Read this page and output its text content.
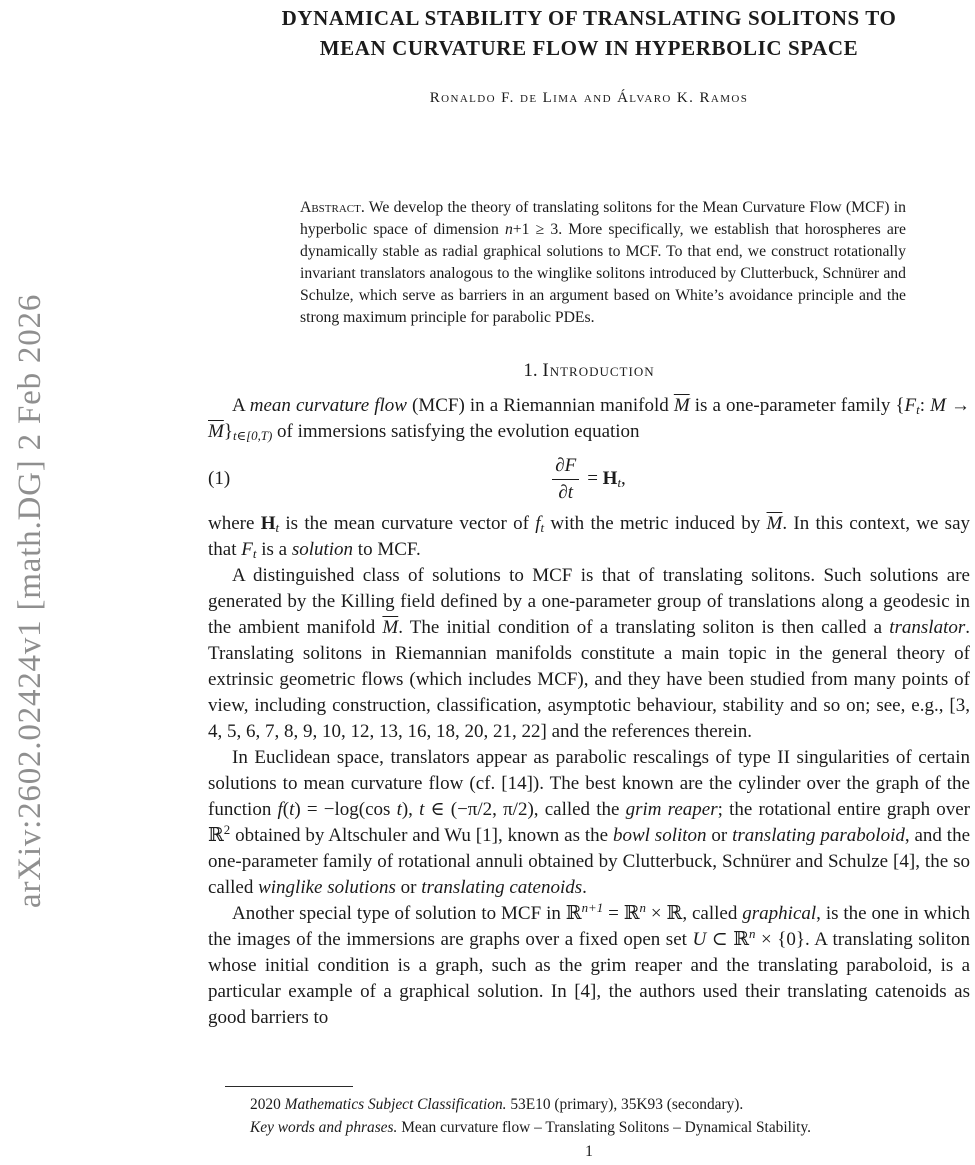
arXiv:2602.02424v1 [math.DG] 2 Feb 2026
DYNAMICAL STABILITY OF TRANSLATING SOLITONS TO
MEAN CURVATURE FLOW IN HYPERBOLIC SPACE
Ronaldo F. de Lima and Álvaro K. Ramos
Abstract. We develop the theory of translating solitons for the Mean Curvature Flow (MCF) in hyperbolic space of dimension n+1 ≥ 3. More specifically, we establish that horospheres are dynamically stable as radial graphical solutions to MCF. To that end, we construct rotationally invariant translators analogous to the winglike solitons introduced by Clutterbuck, Schnürer and Schulze, which serve as barriers in an argument based on White’s avoidance principle and the strong maximum principle for parabolic PDEs.
1. Introduction

A mean curvature flow (MCF) in a Riemannian manifold $\overline{M}$ is a one-parameter family {Ft: $M \to \overline{M}\}t\in[0,T)$ of immersions satisfying the evolution equation

(1)	$\frac{\partial F}{\partial t} = Ht$,

where Ht is the mean curvature vector of ft with the metric induced by $\overline{M}$. In this context, we say that Ft is a solution to MCF.

A distinguished class of solutions to MCF is that of translating solitons. Such solutions are generated by the Killing field defined by a one-parameter group of translations along a geodesic in the ambient manifold $\overline{M}$. The initial condition of a translating soliton is then called a translator. Translating solitons in Riemannian manifolds constitute a main topic in the general theory of extrinsic geometric flows (which includes MCF), and they have been studied from many points of view, including construction, classification, asymptotic behaviour, stability and so on; see, e.g., [3, 4, 5, 6, 7, 8, 9, 10, 12, 13, 16, 18, 20, 21, 22] and the references therein.

In Euclidean space, translators appear as parabolic rescalings of type II singularities of certain solutions to mean curvature flow (cf. [14]). The best known are the cylinder over the graph of the function f(t) = −log(cos t), t ∈ (−π/2, π/2), called the grim reaper; the rotational entire graph over ℝ$^2$ obtained by Altschuler and Wu [1], known as the bowl soliton or translating paraboloid, and the one-parameter family of rotational annuli obtained by Clutterbuck, Schnürer and Schulze [4], the so called winglike solutions or translating catenoids.

Another special type of solution to MCF in ℝ$^{n+1}$ = ℝ$^n$ × ℝ, called graphical, is the one in which the images of the immersions are graphs over a fixed open set U ⊂ ℝ$^n$ × {0}. A translating soliton whose initial condition is a graph, such as the grim reaper and the translating paraboloid, is a particular example of a graphical solution. In [4], the authors used their translating catenoids as good barriers to

2020 Mathematics Subject Classification. 53E10 (primary), 35K93 (secondary).

Key words and phrases. Mean curvature flow – Translating Solitons – Dynamical Stability.

1
